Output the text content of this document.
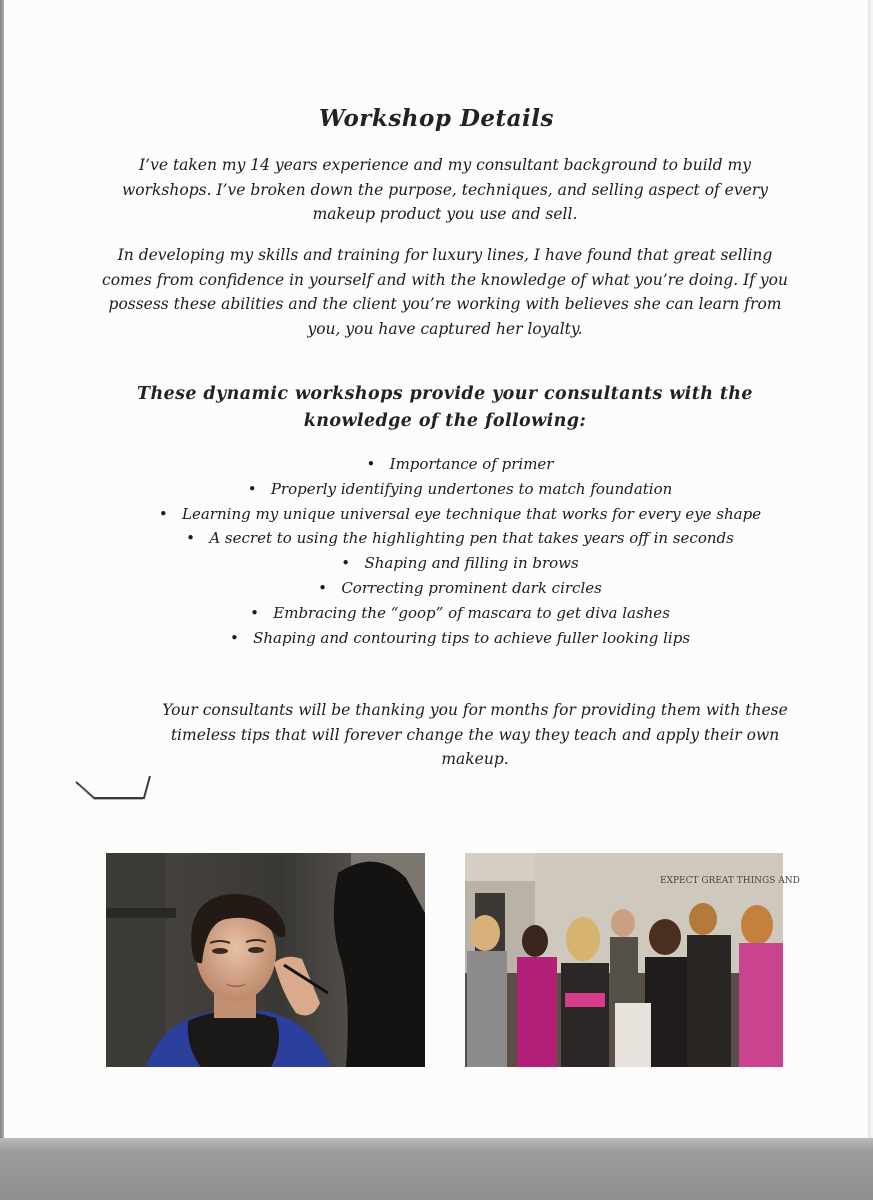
Workshop Details
I’ve taken my 14 years experience and my consultant background to build my workshops. I’ve broken down the purpose, techniques, and selling aspect of every makeup product you use and sell.
In developing my skills and training for luxury lines, I have found that great selling comes from confidence in yourself and with the knowledge of what you’re doing. If you possess these abilities and the client you’re working with believes she can learn from you, you have captured her loyalty.
These dynamic workshops provide your consultants with the knowledge of the following:
•   Importance of primer
•   Properly identifying undertones to match foundation
•   Learning my unique universal eye technique that works for every eye shape
•   A secret to using the highlighting pen that takes years off in seconds
•   Shaping and filling in brows
•   Correcting prominent dark circles
•   Embracing the “goop” of mascara to get diva lashes
•   Shaping and contouring tips to achieve fuller looking lips
Your consultants will be thanking you for months for providing them with these timeless tips that will forever change the way they teach and apply their own makeup.
EXPECT GREAT THINGS AND
